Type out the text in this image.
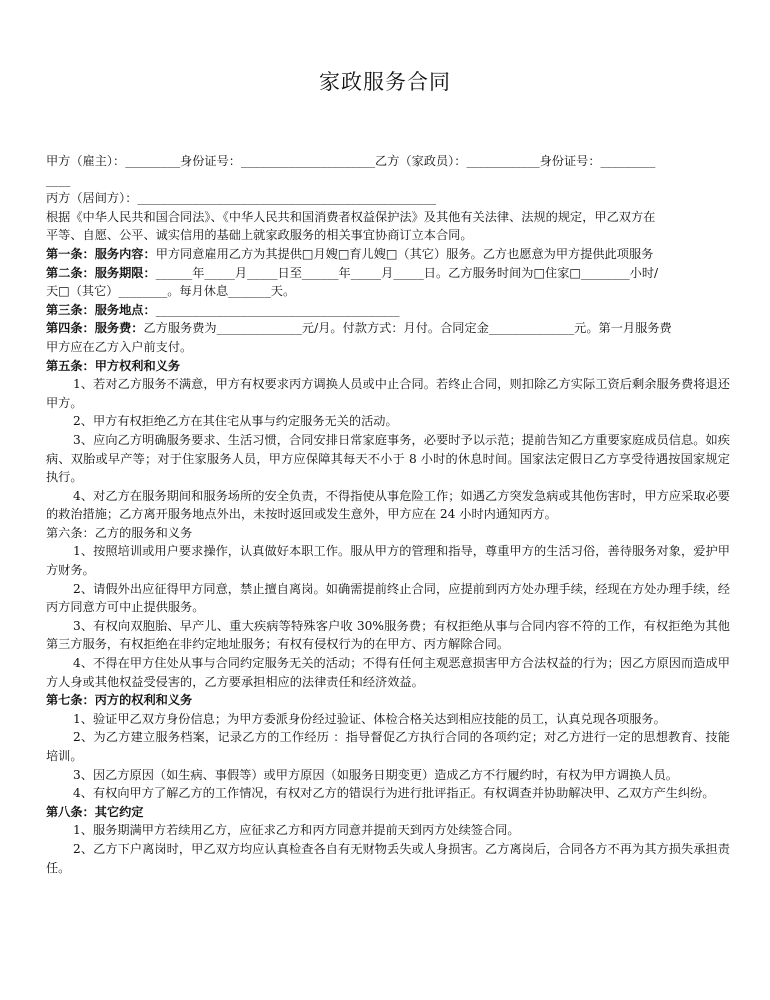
家政服务合同
甲方（雇主）：_________身份证号：______________________乙方（家政员）：____________身份证号：_________
____
丙方（居间方）：_________________________________________________
根据《中华人民共和国合同法》、《中华人民共和国消费者权益保护法》及其他有关法律、法规的规定，甲乙双方在
平等、自愿、公平、诚实信用的基础上就家政服务的相关事宜协商订立本合同。
第一条：服务内容：甲方同意雇用乙方为其提供□月嫂□育儿嫂□（其它）服务。乙方也愿意为甲方提供此项服务
第二条：服务期限：______年_____月_____日至______年_____月_____日。乙方服务时间为□住家□________小时/
天□（其它）________。每月休息_______天。
第三条：服务地点：________________________________________
第四条：服务费：乙方服务费为______________元/月。付款方式：月付。合同定金______________元。第一月服务费
甲方应在乙方入户前支付。
第五条：甲方权利和义务
1、若对乙方服务不满意，甲方有权要求丙方调换人员或中止合同。若终止合同，则扣除乙方实际工资后剩余服务费将退还甲方。
2、甲方有权拒绝乙方在其住宅从事与约定服务无关的活动。
3、应向乙方明确服务要求、生活习惯，合同安排日常家庭事务，必要时予以示范；提前告知乙方重要家庭成员信息。如疾病、双胎或早产等；对于住家服务人员，甲方应保障其每天不小于 8 小时的休息时间。国家法定假日乙方享受待遇按国家规定执行。
4、对乙方在服务期间和服务场所的安全负责，不得指使从事危险工作；如遇乙方突发急病或其他伤害时，甲方应采取必要的救治措施；乙方离开服务地点外出，未按时返回或发生意外，甲方应在 24 小时内通知丙方。
第六条：乙方的服务和义务
1、按照培训或用户要求操作，认真做好本职工作。服从甲方的管理和指导，尊重甲方的生活习俗，善待服务对象，爱护甲方财务。
2、请假外出应征得甲方同意，禁止擅自离岗。如确需提前终止合同，应提前到丙方处办理手续，经现在方处办理手续，经丙方同意方可中止提供服务。
3、有权向双胞胎、早产儿、重大疾病等特殊客户收 30%服务费；有权拒绝从事与合同内容不符的工作，有权拒绝为其他第三方服务，有权拒绝在非约定地址服务；有权有侵权行为的在甲方、丙方解除合同。
4、不得在甲方住处从事与合同约定服务无关的活动；不得有任何主观恶意损害甲方合法权益的行为；因乙方原因而造成甲方人身或其他权益受侵害的，乙方要承担相应的法律责任和经济效益。
第七条：丙方的权利和义务
1、验证甲乙双方身份信息；为甲方委派身份经过验证、体检合格关达到相应技能的员工，认真兑现各项服务。
2、为乙方建立服务档案，记录乙方的工作经历 ：指导督促乙方执行合同的各项约定；对乙方进行一定的思想教育、技能培训。
3、因乙方原因（如生病、事假等）或甲方原因（如服务日期变更）造成乙方不行履约时，有权为甲方调换人员。
4、有权向甲方了解乙方的工作情况，有权对乙方的错误行为进行批评指正。有权调查并协助解决甲、乙双方产生纠纷。
第八条：其它约定
1、服务期满甲方若续用乙方，应征求乙方和丙方同意并提前天到丙方处续签合同。
2、乙方下户离岗时，甲乙双方均应认真检查各自有无财物丢失或人身损害。乙方离岗后，合同各方不再为其方损失承担责任。
